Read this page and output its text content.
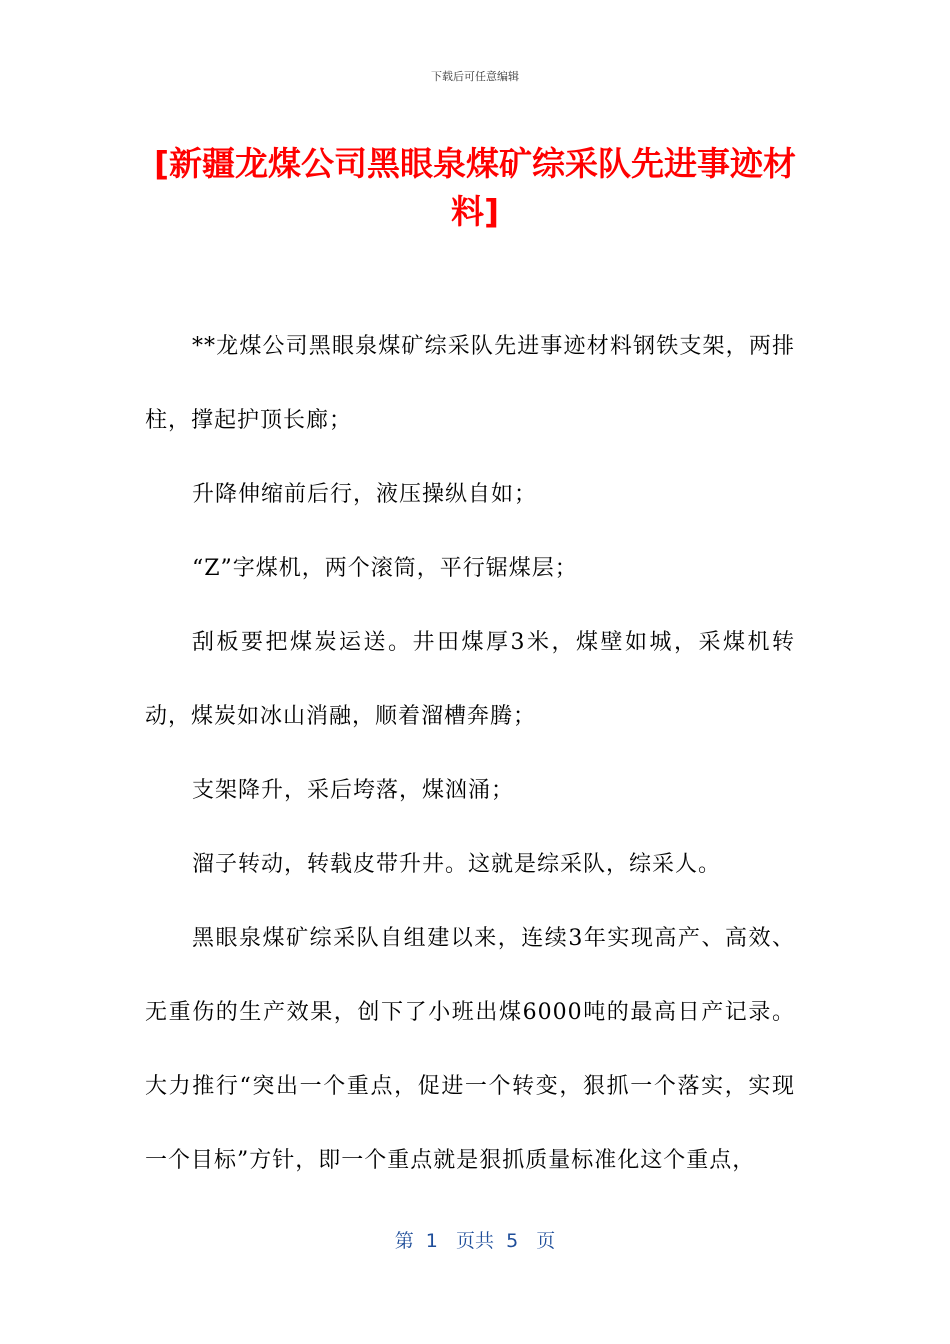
下载后可任意编辑
[新疆龙煤公司黑眼泉煤矿综采队先进事迹材料]

**龙煤公司黑眼泉煤矿综采队先进事迹材料钢铁支架，两排柱，撑起护顶长廊；

升降伸缩前后行，液压操纵自如；

“Z”字煤机，两个滚筒，平行锯煤层；

刮板要把煤炭运送。井田煤厚3米，煤壁如城，采煤机转动，煤炭如冰山消融，顺着溜槽奔腾；

支架降升，采后垮落，煤汹涌；

溜子转动，转载皮带升井。这就是综采队，综采人。

黑眼泉煤矿综采队自组建以来，连续3年实现高产、高效、无重伤的生产效果，创下了小班出煤6000吨的最高日产记录。大力推行“突出一个重点，促进一个转变，狠抓一个落实，实现一个目标”方针，即一个重点就是狠抓质量标准化这个重点，

第  1   页共  5   页
